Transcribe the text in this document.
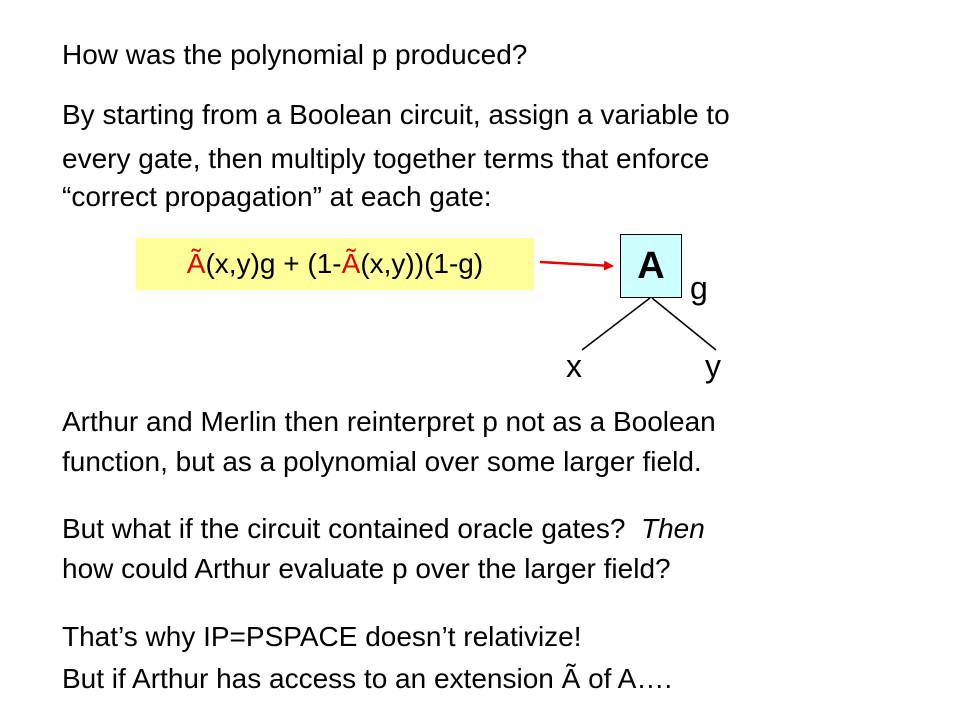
How was the polynomial p produced?

By starting from a Boolean circuit, assign a variable to

every gate, then multiply together terms that enforce

“correct propagation” at each gate:

Ã(x,y)g + (1-Ã(x,y))(1-g)	A
g
x	y

Arthur and Merlin then reinterpret p not as a Boolean

function, but as a polynomial over some larger field.

But what if the circuit contained oracle gates?  Then

how could Arthur evaluate p over the larger field?

That’s why IP=PSPACE doesn’t relativize!

But if Arthur has access to an extension Ã of A….
